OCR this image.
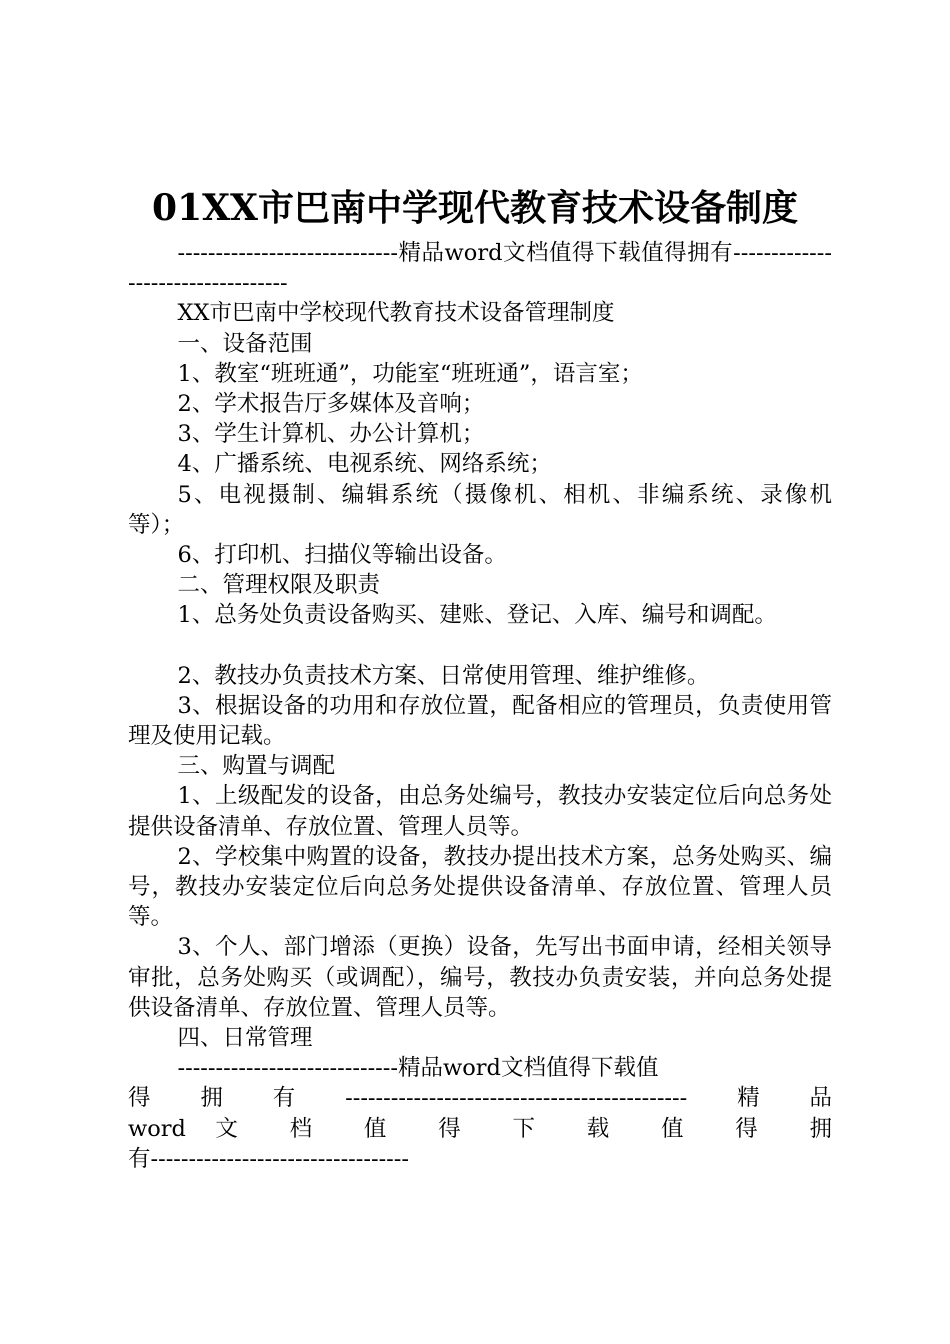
01XX市巴南中学现代教育技术设备制度

-----------------------------精品word文档值得下载值得拥有----------------------------------

XX市巴南中学校现代教育技术设备管理制度

一、设备范围

1、教室“班班通”，功能室“班班通”，语言室；

2、学术报告厅多媒体及音响；

3、学生计算机、办公计算机；

4、广播系统、电视系统、网络系统；

5、电视摄制、编辑系统（摄像机、相机、非编系统、录像机等）；

6、打印机、扫描仪等输出设备。

二、管理权限及职责

1、总务处负责设备购买、建账、登记、入库、编号和调配。

2、教技办负责技术方案、日常使用管理、维护维修。

3、根据设备的功用和存放位置，配备相应的管理员，负责使用管理及使用记载。

三、购置与调配

1、上级配发的设备，由总务处编号，教技办安装定位后向总务处提供设备清单、存放位置、管理人员等。

2、学校集中购置的设备，教技办提出技术方案，总务处购买、编号，教技办安装定位后向总务处提供设备清单、存放位置、管理人员等。

3、个人、部门增添（更换）设备，先写出书面申请，经相关领导审批，总务处购买（或调配），编号，教技办负责安装，并向总务处提供设备清单、存放位置、管理人员等。

四、日常管理

-----------------------------精品word文档值得下载值

得拥有---------------------------------------------精品

word 文 档 值 得 下 载 值 得 拥

有----------------------------------
